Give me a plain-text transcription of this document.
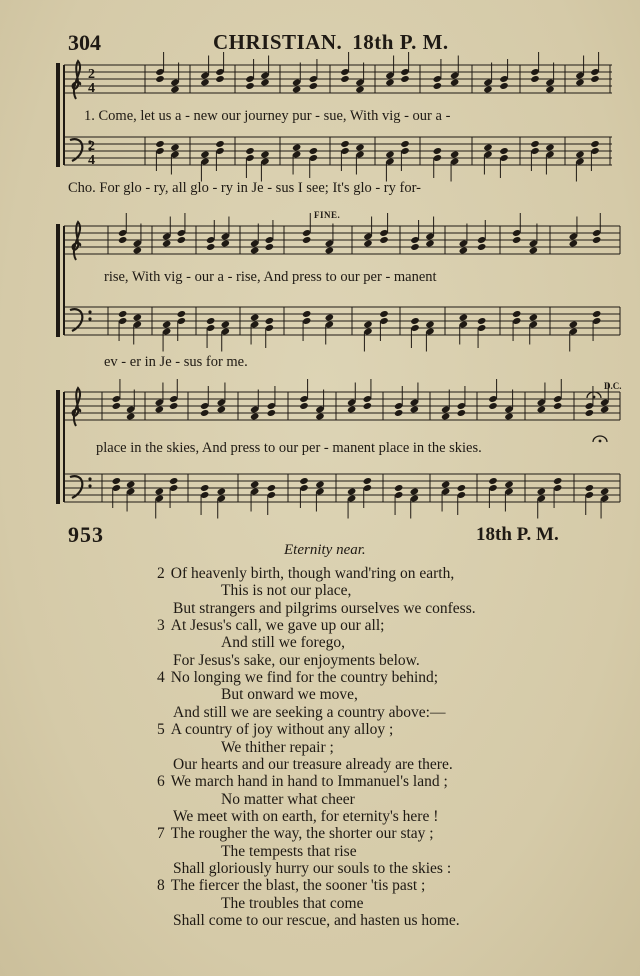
304	CHRISTIAN. 18th P. M.
2
4
2
4
1. Come, let us a - new our journey pur - sue, With vig - our a -
Cho. For glo - ry, all glo - ry in Je - sus I see; It's glo - ry for-
FINE.
rise, With vig - our a - rise, And press to our per - manent
ev - er in Je - sus for me.
D.C.
place in the skies, And press to our per - manent place in the skies.
953	18th P. M.
Eternity near.
2 Of heavenly birth, though wand'ring on earth,
This is not our place,
But strangers and pilgrims ourselves we confess.
3 At Jesus's call, we gave up our all;
And still we forego,
For Jesus's sake, our enjoyments below.
4 No longing we find for the country behind;
But onward we move,
And still we are seeking a country above:—
5 A country of joy without any alloy ;
We thither repair ;
Our hearts and our treasure already are there.
6 We march hand in hand to Immanuel's land ;
No matter what cheer
We meet with on earth, for eternity's here !
7 The rougher the way, the shorter our stay ;
The tempests that rise
Shall gloriously hurry our souls to the skies :
8 The fiercer the blast, the sooner 'tis past ;
The troubles that come
Shall come to our rescue, and hasten us home.
